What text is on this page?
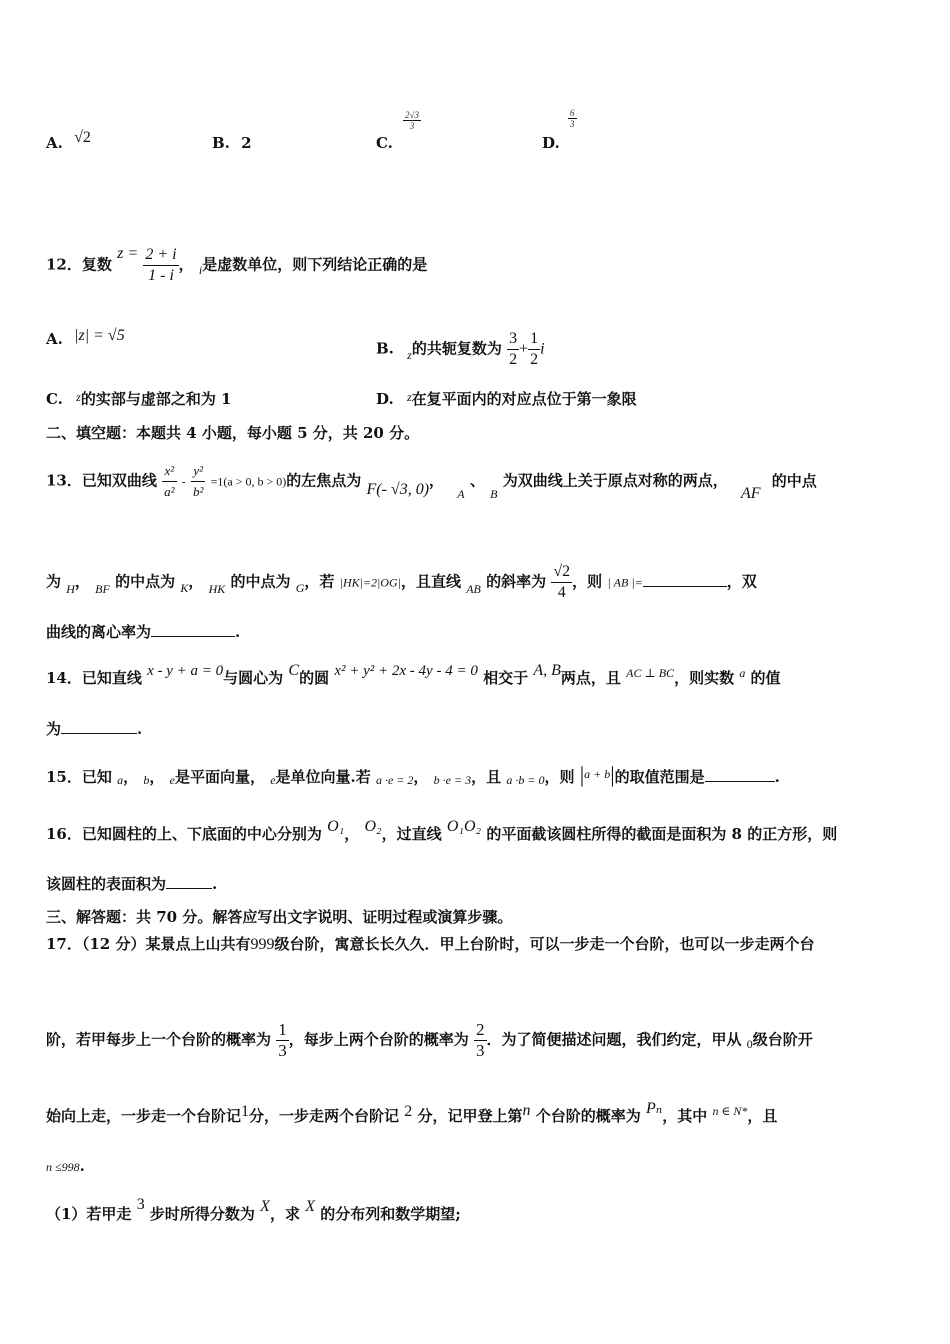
A. √2	B. 2	C.
$\frac{2√3}{3}$
D.
$\frac{6}{3}$
12．复数 $z = \frac{2 + i}{1 - i}$ ， $_i$是虚数单位，则下列结论正确的是
A. |z| = √5
B. $_z$的共轭复数为 $\frac{3}{2} + \frac{1}{2}$ i
C. $^z$的实部与虚部之和为 1	D. $^z$在复平面内的对应点位于第一象限
二、填空题：本题共 4 小题，每小题 5 分，共 20 分。
13．已知双曲线 $\frac{\text{x²}}{\text{a²}} - \frac{\text{y²}}{\text{b²}} =1(a > 0$, b > 0)的左焦点为 F(- √3, 0)， $_A$ 、 $_B$ 为双曲线上关于原点对称的两点， AF 的中点
为 $_H$， $_{BF}$ 的中点为 $_K$， $_{HK}$ 的中点为 $_G$，若 |HK|=2|OG|，且直线 $_{AB}$ 的斜率为 $\frac{√2}{4}$ ，则 | AB |=	，双
曲线的离心率为	.
14．已知直线 x - y + a = 0与圆心为 C的圆 x² + y² + 2x - 4y - 4 = 0 相交于 A, B两点，且 $^{AC \perp BC}$，则实数 $^a$ 的值
为	.
15．已知 a， b， e是平面向量， e是单位向量.若 a ·e = 2， b ·e = 3，且 a ·b = 0，则 $|^{a + b}|$的取值范围是	.
16．已知圆柱的上、下底面的中心分别为 O₁， O₂，过直线 O₁O₂ 的平面截该圆柱所得的截面是面积为 8 的正方形，则
该圆柱的表面积为	.
三、解答题：共 70 分。解答应写出文字说明、证明过程或演算步骤。
17．（12 分）某景点上山共有999级台阶，寓意长长久久．甲上台阶时，可以一步走一个台阶，也可以一步走两个台
阶，若甲每步上一个台阶的概率为 $\frac{1}{3}$ ，每步上两个台阶的概率为 $\frac{2}{3}$ ．为了简便描述问题，我们约定，甲从 $_0$级台阶开
始向上走，一步走一个台阶记1分，一步走两个台阶记 2 分，记甲登上第n 个台阶的概率为 Pₙ，其中 $^{n \in N*}$，且
n ≤998.
（1）若甲走 3 步时所得分数为 X，求 X 的分布列和数学期望;
